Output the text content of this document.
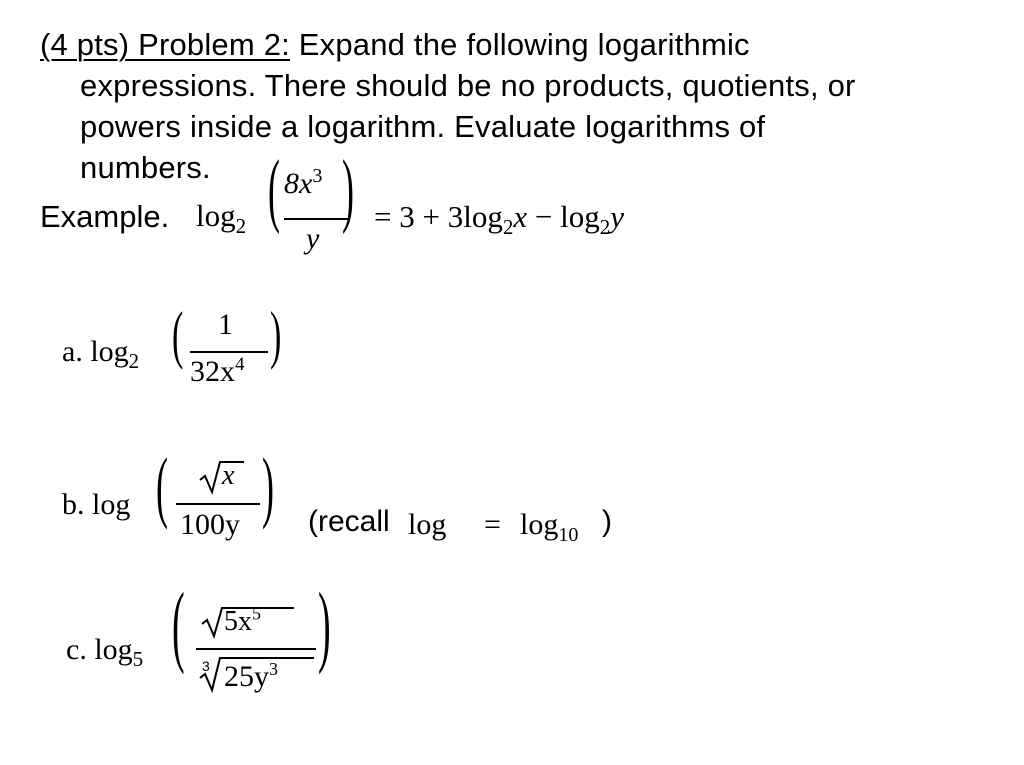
(4 pts) Problem 2: Expand the following logarithmic
expressions. There should be no products, quotients, or
powers inside a logarithm. Evaluate logarithms of
numbers.
Example. $\log_2$ ( $8x^3$
y
) = $3 + 3\log_2x - \log_2y$
a. $\log_2$ ( 1
$32x^4$ )
b. log ( x
100y ) (recall $\log = \log_{10}$ )
c. $\log_5$ ( $5x^5$
3 $25y^3$ )
